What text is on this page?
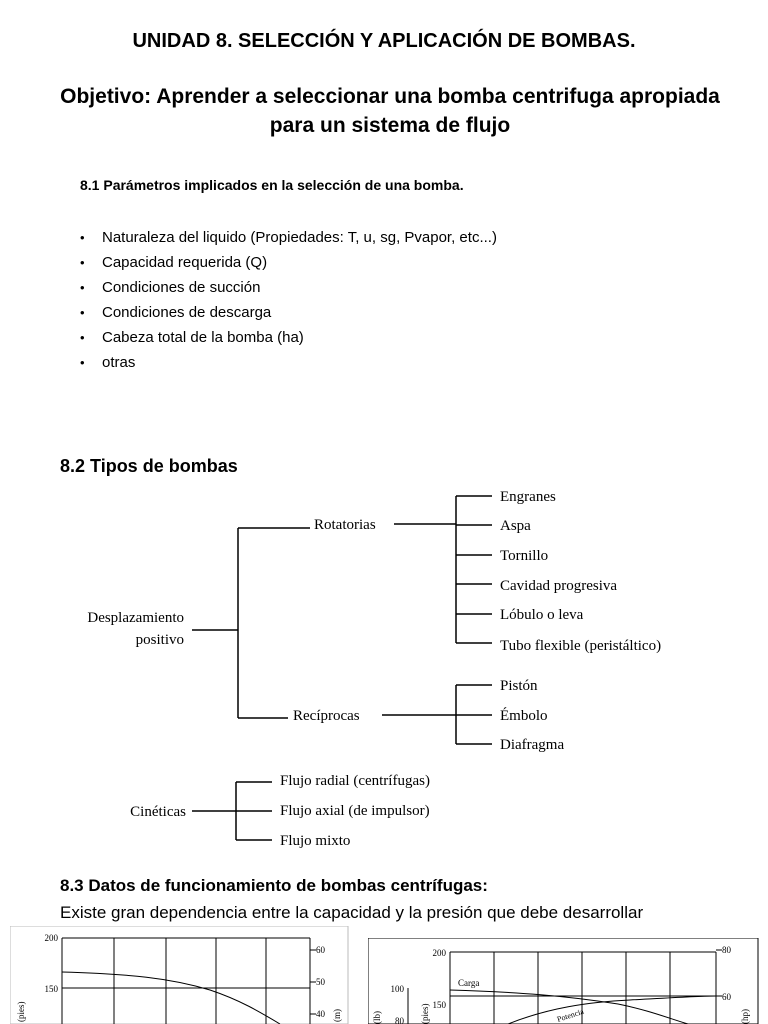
UNIDAD 8. SELECCIÓN Y APLICACIÓN DE BOMBAS.
Objetivo: Aprender a seleccionar una bomba centrifuga apropiada para un sistema de flujo
8.1 Parámetros implicados en la selección de una bomba.
• Naturaleza del liquido (Propiedades: T, u, sg, Pvapor, etc...)
• Capacidad requerida (Q)
• Condiciones de succión
• Condiciones de descarga
• Cabeza total de la bomba (ha)
• otras
8.2 Tipos de bombas
Desplazamiento
positivo
Rotatorias
Engranes
Aspa
Tornillo
Cavidad progresiva
Lóbulo o leva
Tubo flexible (peristáltico)
Recíprocas
Pistón
Émbolo
Diafragma
Cinéticas
Flujo radial (centrífugas)
Flujo axial (de impulsor)
Flujo mixto
8.3 Datos de funcionamiento de bombas centrífugas:
Existe gran dependencia entre la capacidad y la presión que debe desarrollar
200
150
60
50
40
(pies)	(m)
200
150
100
80
80
60
Carga
Potencia
(pies)
(lb)	(hp)
